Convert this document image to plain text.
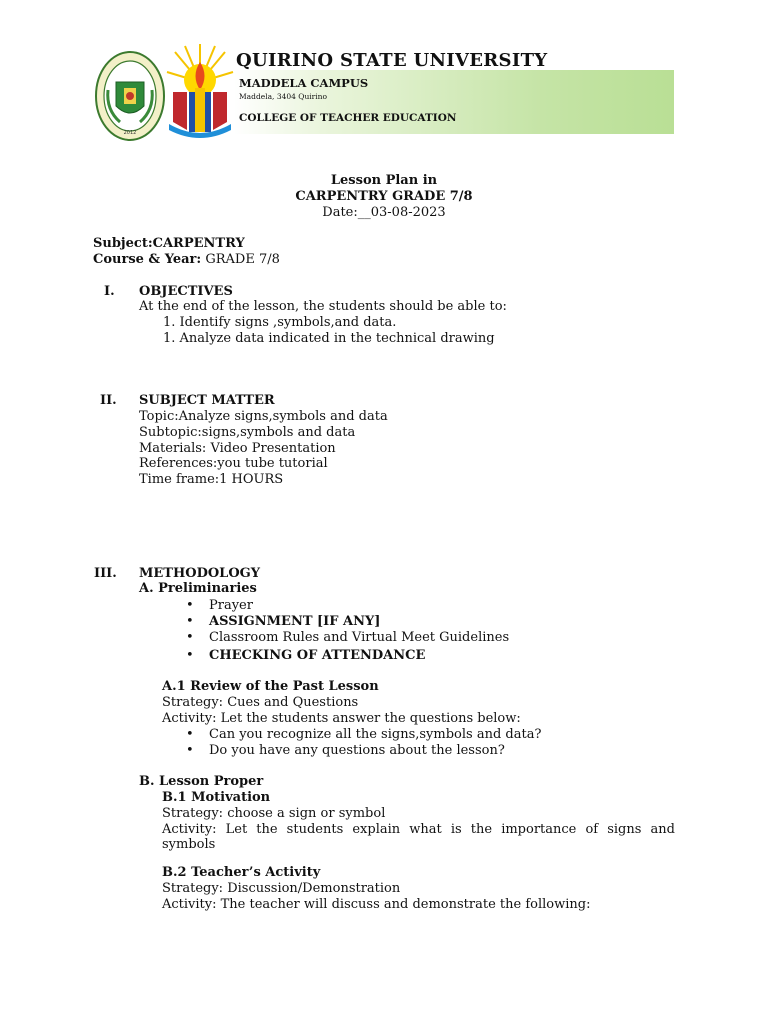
2012
QUIRINO STATE UNIVERSITY
MADDELA CAMPUS
Maddela, 3404 Quirino
COLLEGE OF TEACHER EDUCATION
Lesson Plan in
CARPENTRY GRADE 7/8
Date:__03-08-2023
Subject:CARPENTRY
Course & Year: GRADE 7/8
I. OBJECTIVES
At the end of the lesson, the students should be able to:
1. Identify signs ,symbols,and data.
1. Analyze data indicated in the technical drawing
II. SUBJECT MATTER
Topic:Analyze signs,symbols and data
Subtopic:signs,symbols and data
Materials: Video Presentation
References:you tube tutorial
Time frame:1 HOURS
III. METHODOLOGY
A. Preliminaries
• Prayer
• ASSIGNMENT [IF ANY]
• Classroom Rules and Virtual Meet Guidelines
• CHECKING OF ATTENDANCE
A.1 Review of the Past Lesson
Strategy: Cues and Questions
Activity: Let the students answer the questions below:
• Can you recognize all the signs,symbols and data?
• Do you have any questions about the lesson?
B. Lesson Proper
B.1 Motivation
Strategy: choose a sign or symbol
Activity: Let the students explain what is the importance of signs and
symbols
B.2 Teacher’s Activity
Strategy: Discussion/Demonstration
Activity: The teacher will discuss and demonstrate the following:
